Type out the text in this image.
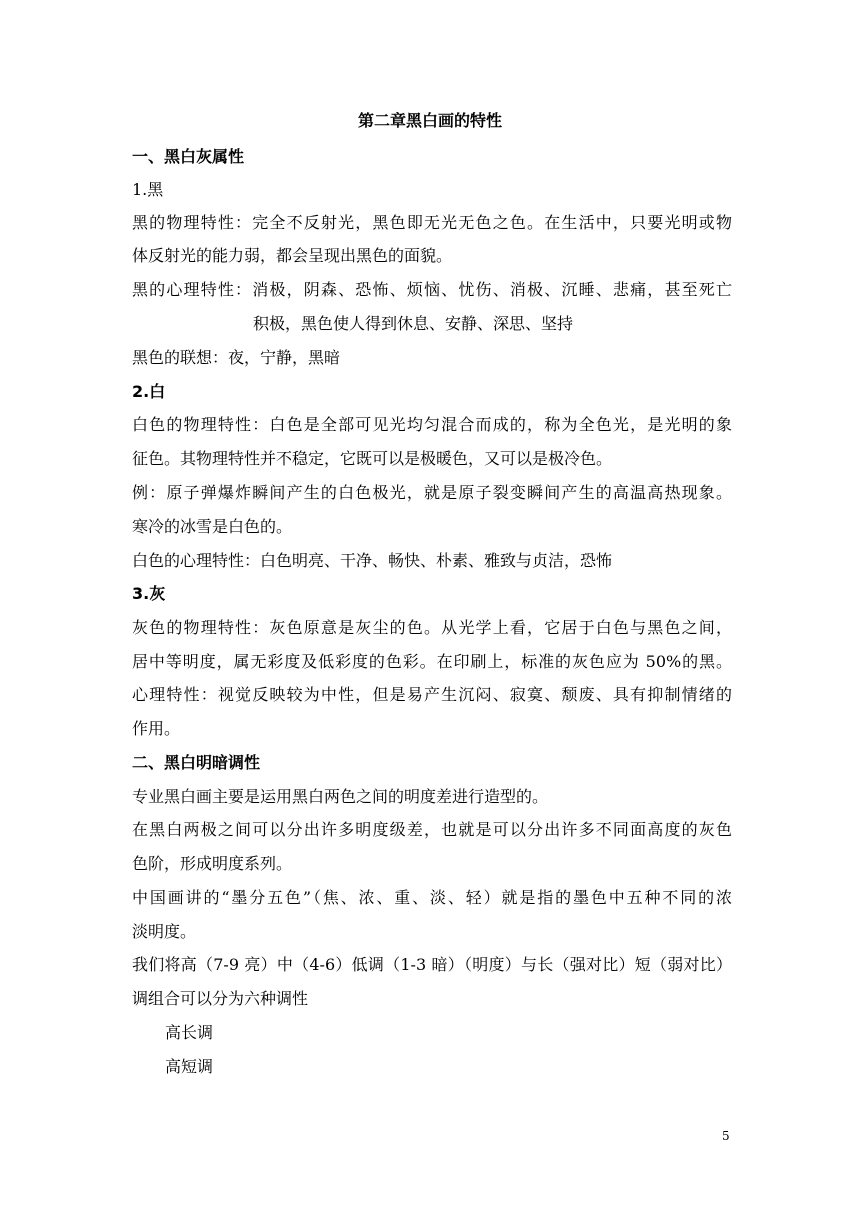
第二章黑白画的特性
一、黑白灰属性
1.黑
黑的物理特性：完全不反射光，黑色即无光无色之色。在生活中，只要光明或物
体反射光的能力弱，都会呈现出黑色的面貌。
黑的心理特性：消极，阴森、恐怖、烦恼、忧伤、消极、沉睡、悲痛，甚至死亡
积极，黑色使人得到休息、安静、深思、坚持
黑色的联想：夜，宁静，黑暗
2.白
白色的物理特性：白色是全部可见光均匀混合而成的，称为全色光，是光明的象
征色。其物理特性并不稳定，它既可以是极暖色，又可以是极冷色。
例：原子弹爆炸瞬间产生的白色极光，就是原子裂变瞬间产生的高温高热现象。
寒冷的冰雪是白色的。
白色的心理特性：白色明亮、干净、畅快、朴素、雅致与贞洁，恐怖
3.灰
灰色的物理特性：灰色原意是灰尘的色。从光学上看，它居于白色与黑色之间，
居中等明度，属无彩度及低彩度的色彩。在印刷上，标准的灰色应为 50%的黑。
心理特性：视觉反映较为中性，但是易产生沉闷、寂寞、颓废、具有抑制情绪的
作用。
二、黑白明暗调性
专业黑白画主要是运用黑白两色之间的明度差进行造型的。
在黑白两极之间可以分出许多明度级差，也就是可以分出许多不同面高度的灰色
色阶，形成明度系列。
中国画讲的“墨分五色”（焦、浓、重、淡、轻）就是指的墨色中五种不同的浓
淡明度。
我们将高（7-9 亮）中（4-6）低调（1-3 暗）（明度）与长（强对比）短（弱对比）
调组合可以分为六种调性
高长调
高短调
5
